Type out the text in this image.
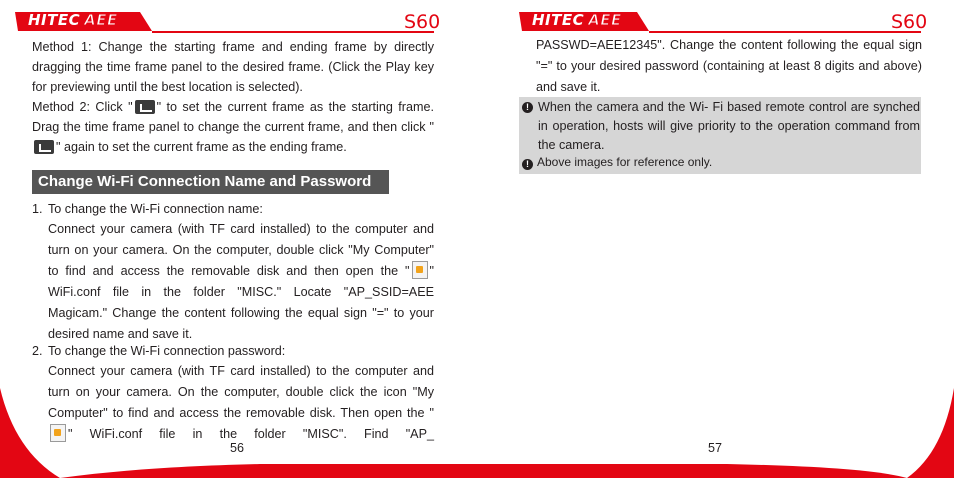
HITEC AEE	S60

Method 1: Change the starting frame and ending frame by directly dragging the time frame panel to the desired frame. (Click the Play key for previewing until the best location is selected).
Method 2: Click " " to set the current frame as the starting frame. Drag the time frame panel to change the current frame, and then click "" again to set the current frame as the ending frame.

Change Wi-Fi Connection Name and Password
1. To change the Wi-Fi connection name:

Connect your camera (with TF card installed) to the computer and turn on your camera. On the computer, double click "My Computer" to find and access the removable disk and then open the " " WiFi.conf file in the folder "MISC." Locate "AP_SSID=AEE Magicam." Change the content following the equal sign "=" to your desired name and save it.

2. To change the Wi-Fi connection password:

Connect your camera (with TF card installed) to the computer and turn on your camera. On the computer, double click the icon "My Computer" to find and access the removable disk. Then open the "" WiFi.conf file in the folder "MISC". Find "AP_

56
HITEC AEE	S60

PASSWD=AEE12345". Change the content following the equal sign "=" to your desired password (containing at least 8 digits and above) and save it.

! When the camera and the Wi- Fi based remote control are synched in operation, hosts will give priority to the operation command from the camera.
! Above images for reference only.
57
